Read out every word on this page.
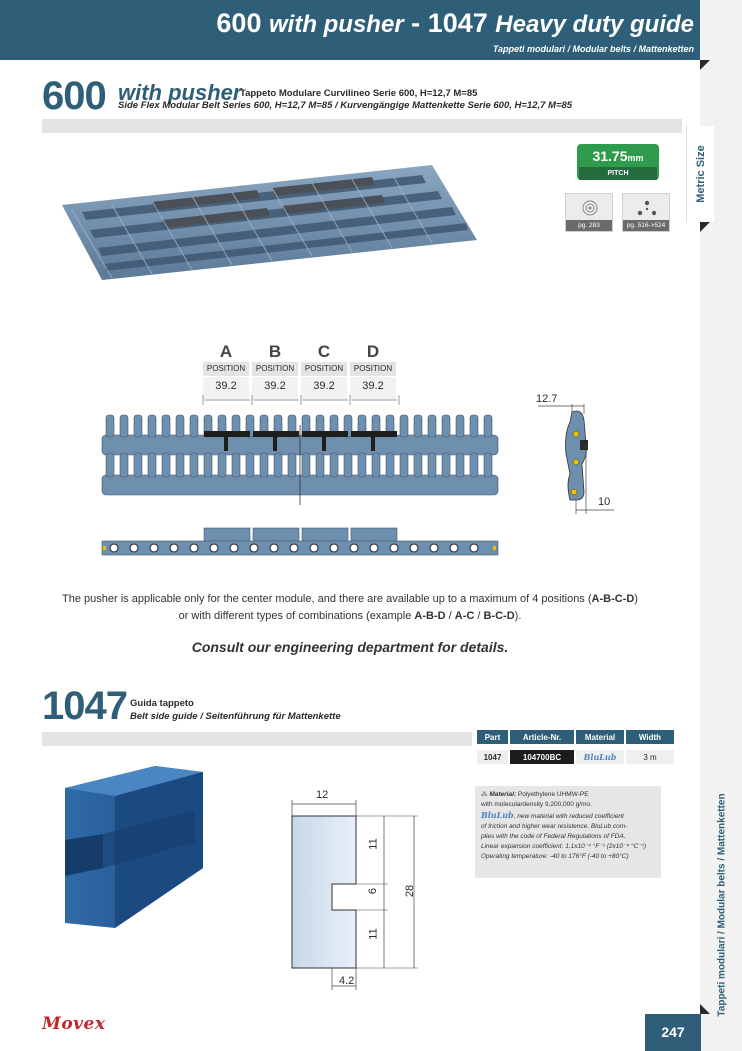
600 with pusher - 1047 Heavy duty guide
Tappeti modulari / Modular belts / Mattenketten
Metric Size
600 with pusher
Tappeto Modulare Curvilineo Serie 600, H=12,7 M=85
Side Flex Modular Belt Series 600, H=12,7 M=85 / Kurvengängige Mattenkette Serie 600, H=12,7 M=85
31.75mm
PITCH
pg. 283	pg. 516->524
A	B	C	D
POSITION	POSITION	POSITION	POSITION
39.2	39.2	39.2	39.2
12.7
10
The pusher is applicable only for the center module, and there are available up to a maximum of 4 positions (A-B-C-D)
or with different types of combinations (example A-B-D / A-C / B-C-D).
Consult our engineering department for details.
1047 Guida tappeto
Belt side guide / Seitenführung für Mattenkette
Part	Article-Nr.	Material	Width

1047	104700BC	BluLub	3 m
⁂ Material: Polyethylene UHMW-PE
with moleculardensity 9,200,000 g/mo.
BluLub, new material with reduced coefficient
of friction and higher wear resistence. BluLub com-
plies with the code of Federal Regulations of FDA.
Linear expansion coefficient: 1.1x10⁻⁴ °F⁻¹ (2x10⁻⁴ °C⁻¹)
Operating temperature: -40 to 176°F (-40 to +80°C)
12
4.2
11
6
11
28
Movex
Tappeti modulari / Modular belts / Mattenketten
247
